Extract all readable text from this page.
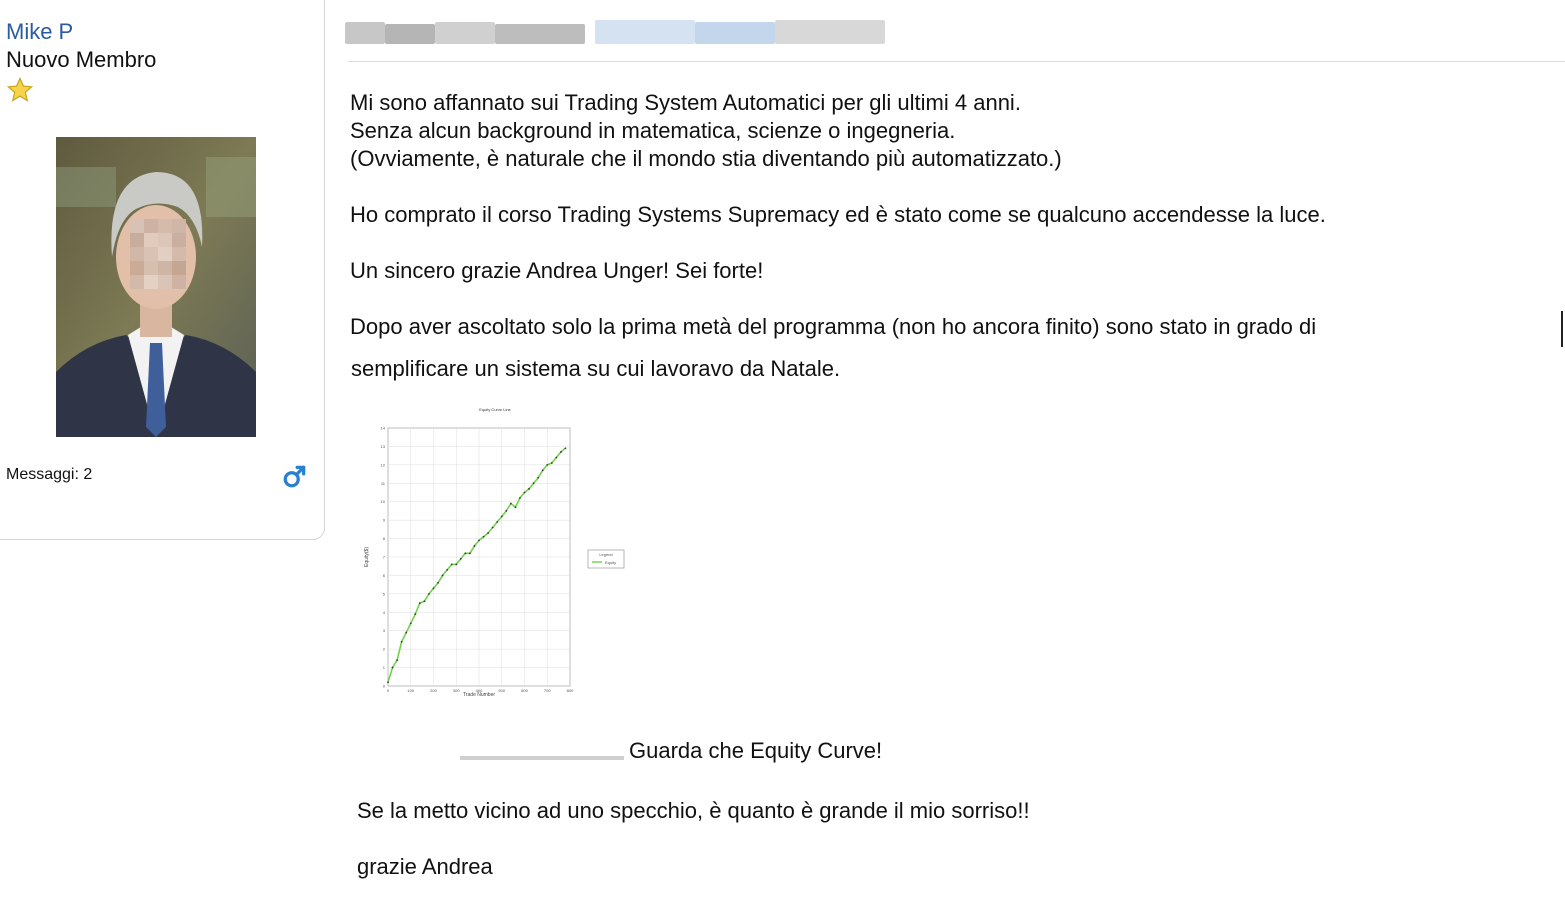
Mike P
Nuovo Membro
Messaggi: 2
Mi sono affannato sui Trading System Automatici per gli ultimi 4 anni.
Senza alcun background in matematica, scienze o ingegneria.
(Ovviamente, è naturale che il mondo stia diventando più automatizzato.)
Ho comprato il corso Trading Systems Supremacy ed è stato come se qualcuno accendesse la luce.
Un sincero grazie Andrea Unger! Sei forte!
Dopo aver ascoltato solo la prima metà del programma (non ho ancora finito) sono stato in grado di
semplificare un sistema su cui lavoravo da Natale.
Equity Curve Line
0
1
2
3
4
5
6
7
8
9
10
11
12
13
14
0	100	200	300	400	500	600	700	800
Equity($)
Trade Number
Legend
Equity
Guarda che Equity Curve!
Se la metto vicino ad uno specchio, è quanto è grande il mio sorriso!!
grazie Andrea
